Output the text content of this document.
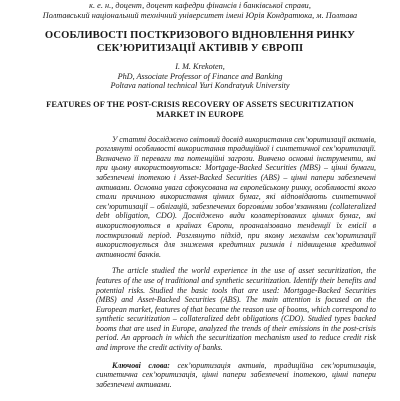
к. е. н., доцент, доцент кафедри фінансів і банківської справи,
Полтавський національний технічний університет імені Юрія Кондратюка, м. Полтава
ОСОБЛИВОСТІ ПОСТКРИЗОВОГО ВІДНОВЛЕННЯ РИНКУ
СЕК’ЮРИТИЗАЦІЇ АКТИВІВ У ЄВРОПІ
I. M. Krekoten,
PhD, Associate Professor of Finance and Banking
Poltava national technical Yuri Kondratyuk University
FEATURES OF THE POST-CRISIS RECOVERY OF ASSETS SECURITIZATION
MARKET IN EUROPE
У статті досліджено світовий досвід використання сек’юритизації активів, розглянуті особливості використання традиційної і синтетичної сек’юритизації. Визначено її переваги та потенційні загрози. Вивчено основні інструменти, які при цьому використовуються: Mortgage-Backed Securities (MBS) – цінні бумаги, забезпечені іпотекою і Asset-Backed Securities (ABS) – цінні папери забезпечені активами. Основна увага сфокусована на європейському ринку, особливості якого стали причиною використання цінних бумаг, які відповідають синтетичної сек’юритизації – облігацій, забезпечених боргови́ми зобов’язаннями (collateralized debt obligation, CDO). Досліджено види колатерізованих цінних бумаг, які використовуються в країнах Європи, проаналізовано тенденції їх емісії в посткризовий період. Розглянуто підхід, при якому механізм сек’юритизації використовується для зниження кредитних ризиків і підвищення кредитної активності банків.
The article studied the world experience in the use of asset securitization, the features of the use of traditional and synthetic securitization. Identify their benefits and potential risks. Studied the basic tools that are used: Mortgage-Backed Securities (MBS) and Asset-Backed Securities (ABS). The main attention is focused on the European market, features of that became the reason use of booms, which correspond to synthetic securitization – collateralized debt obligations (CDO). Studied types backed booms that are used in Europe, analyzed the trends of their emissions in the post-crisis period. An approach in which the securitization mechanism used to reduce credit risk and improve the credit activity of banks.
Ключові слова: сек’юритизація активів, традиційна сек’юритизація, синтетична сек’юритизація, цінні папери забезпечені іпотекою, цінні папери забезпечені активами.
